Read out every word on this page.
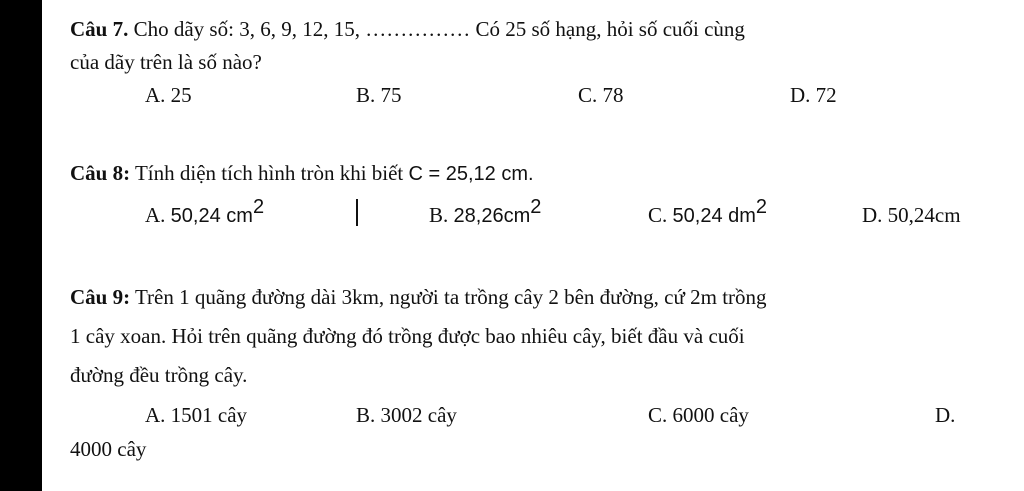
Câu 7. Cho dãy số: 3, 6, 9, 12, 15, …………… Có 25 số hạng, hỏi số cuối cùng
của dãy trên là số nào?
A. 25	B. 75	C. 78	D. 72
Câu 8: Tính diện tích hình tròn khi biết C = 25,12 cm.
A. 50,24 $cm^2$	B. $28,26cm^2$	C. 50,24 $dm^2$	D. 50,24cm
Câu 9: Trên 1 quãng đường dài 3km, người ta trồng cây 2 bên đường, cứ 2m trồng
1 cây xoan. Hỏi trên quãng đường đó trồng được bao nhiêu cây, biết đầu và cuối
đường đều trồng cây.
A. 1501 cây	B. 3002 cây	C. 6000 cây	D.
4000 cây
